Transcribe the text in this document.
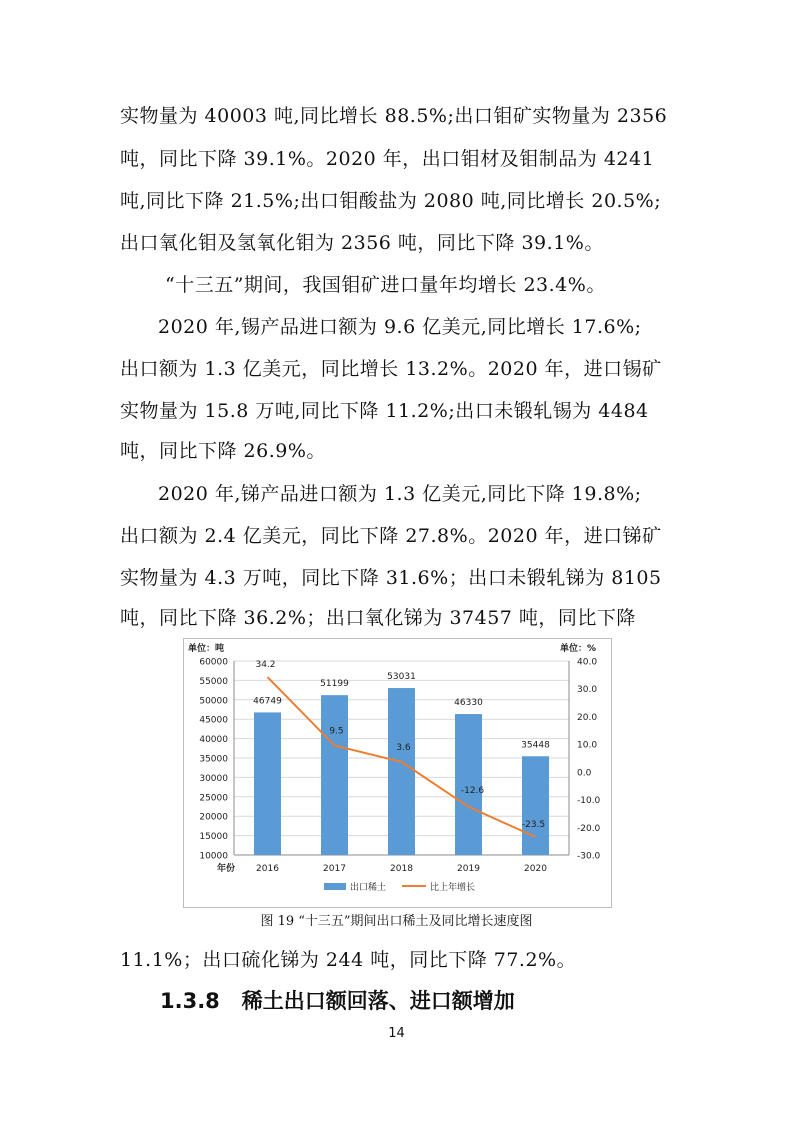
实物量为 40003 吨,同比增长 88.5%;出口钼矿实物量为 2356
吨，同比下降 39.1%。2020 年，出口钼材及钼制品为 4241
吨,同比下降 21.5%;出口钼酸盐为 2080 吨,同比增长 20.5%;
出口氧化钼及氢氧化钼为 2356 吨，同比下降 39.1%。
“十三五”期间，我国钼矿进口量年均增长 23.4%。
2020 年,锡产品进口额为 9.6 亿美元,同比增长 17.6%;
出口额为 1.3 亿美元，同比增长 13.2%。2020 年，进口锡矿
实物量为 15.8 万吨,同比下降 11.2%;出口未锻轧锡为 4484
吨，同比下降 26.9%。
2020 年,锑产品进口额为 1.3 亿美元,同比下降 19.8%;
出口额为 2.4 亿美元，同比下降 27.8%。2020 年，进口锑矿
实物量为 4.3 万吨，同比下降 31.6%；出口未锻轧锑为 8105
吨，同比下降 36.2%；出口氧化锑为 37457 吨，同比下降
60000
55000
50000
45000
40000
35000
30000
25000
20000
15000
10000
40.0
30.0
20.0
10.0
0.0
-10.0
-20.0
-30.0
单位：吨	单位：%
年份
46749
2016
51199
2017
53031
2018
46330
2019
35448
2020
34.2
9.5
3.6
-12.6
-23.5
出口稀土	比上年增长
图 19 “十三五”期间出口稀土及同比增长速度图
11.1%；出口硫化锑为 244 吨，同比下降 77.2%。
1.3.8 稀土出口额回落、进口额增加
14
